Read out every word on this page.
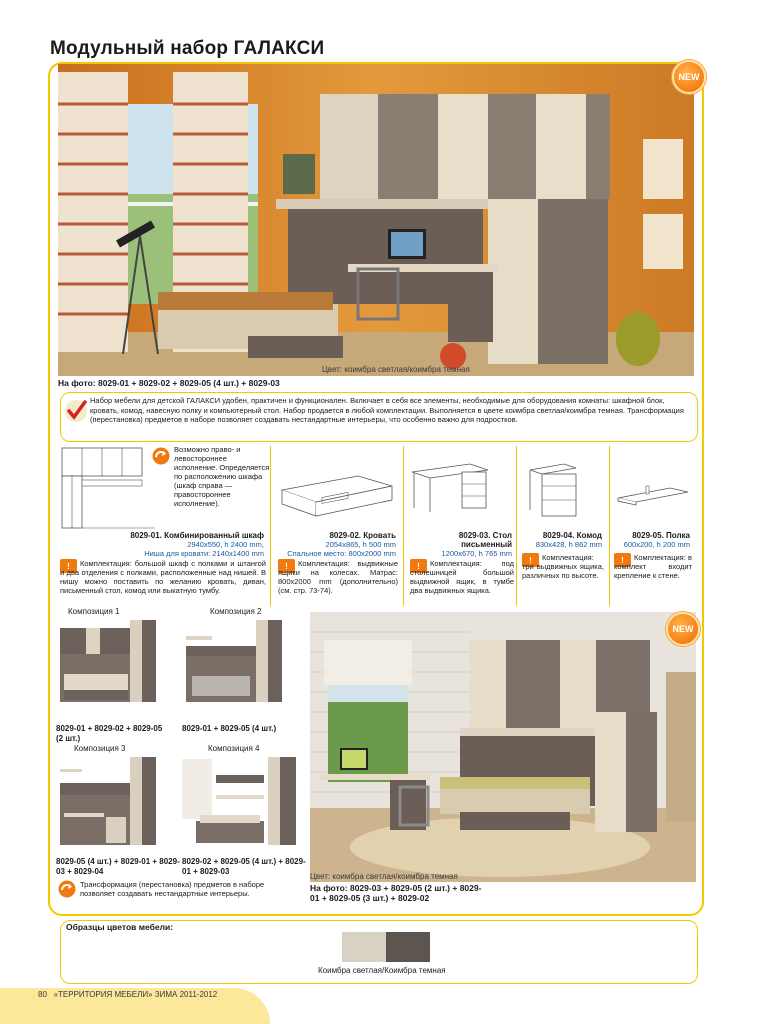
Модульный набор ГАЛАКСИ
NEW
Цвет: коимбра светлая/коимбра темная
На фото: 8029-01 + 8029-02 + 8029-05 (4 шт.) + 8029-03
Набор мебели для детской ГАЛАКСИ удобен, практичен и функционален. Включает в себя все элементы, необходимые для оборудования комнаты: шкафной блок, кровать, комод, навесную полку и компьютерный стол. Набор продается в любой комплектации. Выполняется в цвете коимбра светлая/коимбра темная. Трансформация (перестановка) предметов в наборе позволяет создавать нестандартные интерьеры, что особенно важно для подростков.
Возможно право- и левостороннее исполнение. Определяется по расположению шкафа (шкаф справа — правостороннее исполнение).
8029-01. Комбинированный шкаф
2940x550, h 2400 mm,
Ниша для кровати: 2140x1400 mm
!	Комплектация: большой шкаф с полками и штангой и два отделения с полками, расположенные над нишей. В нишу можно поставить по желанию кровать, диван, письменный стол, комод или выкатную тумбу.
8029-02. Кровать
2054x865, h 500 mm
Спальное место: 800x2000 mm
!	Комплектация: выдвижные ящики на колесах. Матрас: 800x2000 mm (дополнительно) (см. стр. 73-74).
8029-03. Стол
письменный
1200x670, h 765 mm
!	Комплектация: под столешницей большой выдвижной ящик, в тумбе два выдвижных ящика.
8029-04. Комод
830x428, h 862 mm
!	Комплектация: три выдвижных ящика, различных по высоте.
8029-05. Полка
600x200, h 200 mm
!	Комплектация: в комплект входит крепление к стене.
Композиция 1	Композиция 2
8029-01 + 8029-02 + 8029-05 (2 шт.)
8029-01 + 8029-05 (4 шт.)
Композиция 3	Композиция 4
8029-05 (4 шт.) + 8029-01 + 8029-03 + 8029-04
8029-02 + 8029-05 (4 шт.) + 8029-01 + 8029-03
Трансформация (перестановка) предметов в наборе позволяет создавать нестандартные интерьеры.
NEW
Цвет: коимбра светлая/коимбра темная
На фото: 8029-03 + 8029-05 (2 шт.) + 8029-01 + 8029-05 (3 шт.) + 8029-02
Образцы цветов мебели:
Коимбра светлая/Коимбра темная
80 «ТЕРРИТОРИЯ МЕБЕЛИ» ЗИМА 2011-2012
